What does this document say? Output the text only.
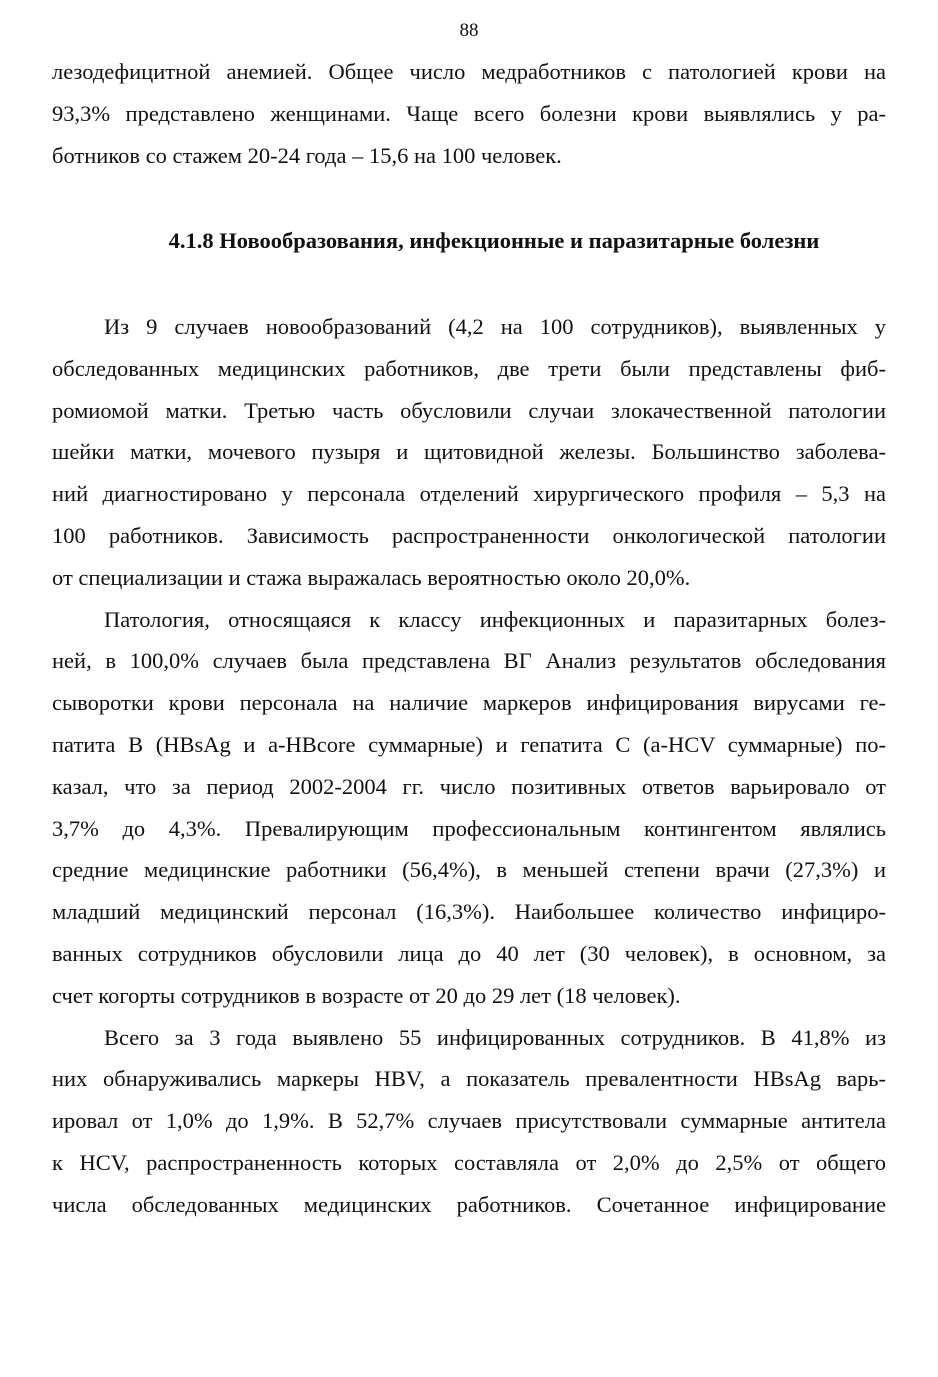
88
лезодефицитной анемией. Общее число медработников с патологией крови на
93,3% представлено женщинами. Чаще всего болезни крови выявлялись у ра-
ботников со стажем 20-24 года – 15,6 на 100 человек.
4.1.8 Новообразования, инфекционные и паразитарные болезни
Из 9 случаев новообразований (4,2 на 100 сотрудников), выявленных у
обследованных медицинских работников, две трети были представлены фиб-
ромиомой матки. Третью часть обусловили случаи злокачественной патологии
шейки матки, мочевого пузыря и щитовидной железы. Большинство заболева-
ний диагностировано у персонала отделений хирургического профиля – 5,3 на
100 работников. Зависимость распространенности онкологической патологии
от специализации и стажа выражалась вероятностью около 20,0%.
Патология, относящаяся к классу инфекционных и паразитарных болез-
ней, в 100,0% случаев была представлена ВГ Анализ результатов обследования
сыворотки крови персонала на наличие маркеров инфицирования вирусами ге-
патита В (HBsAg и a-HBcore суммарные) и гепатита С (a-HCV суммарные) по-
казал, что за период 2002-2004 гг. число позитивных ответов варьировало от
3,7% до 4,3%. Превалирующим профессиональным контингентом являлись
средние медицинские работники (56,4%), в меньшей степени врачи (27,3%) и
младший медицинский персонал (16,3%). Наибольшее количество инфициро-
ванных сотрудников обусловили лица до 40 лет (30 человек), в основном, за
счет когорты сотрудников в возрасте от 20 до 29 лет (18 человек).
Всего за 3 года выявлено 55 инфицированных сотрудников. В 41,8% из
них обнаруживались маркеры HBV, а показатель превалентности HBsAg варь-
ировал от 1,0% до 1,9%. В 52,7% случаев присутствовали суммарные антитела
к HCV, распространенность которых составляла от 2,0% до 2,5% от общего
числа обследованных медицинских работников. Сочетанное инфицирование
